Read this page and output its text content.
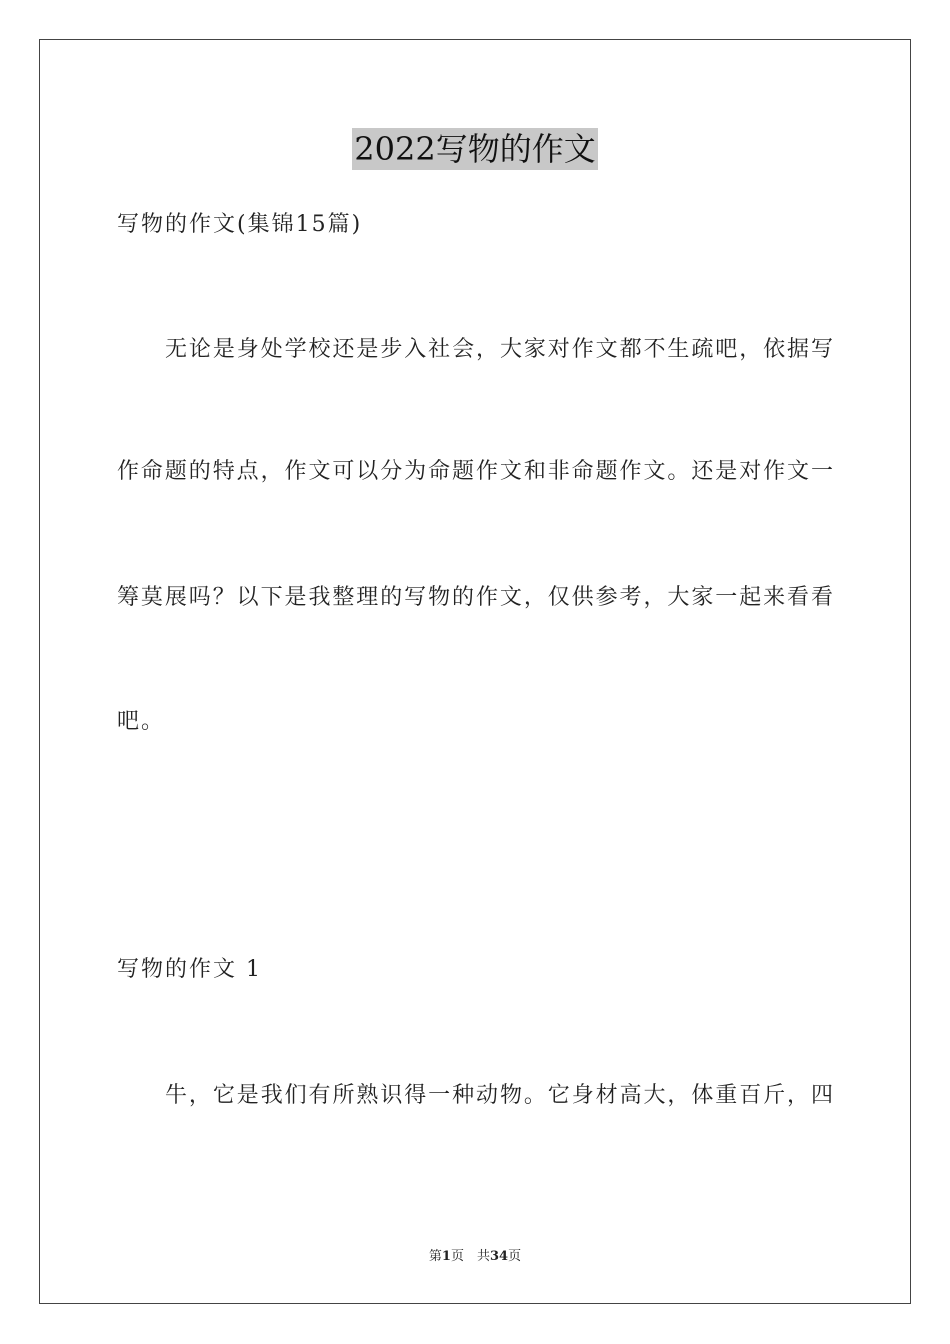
2022写物的作文
写物的作文(集锦15篇)
无论是身处学校还是步入社会，大家对作文都不生疏吧，依据写
作命题的特点，作文可以分为命题作文和非命题作文。还是对作文一
筹莫展吗？以下是我整理的写物的作文，仅供参考，大家一起来看看
吧。
写物的作文 1
牛，它是我们有所熟识得一种动物。它身材高大，体重百斤，四
第1页　共34页
